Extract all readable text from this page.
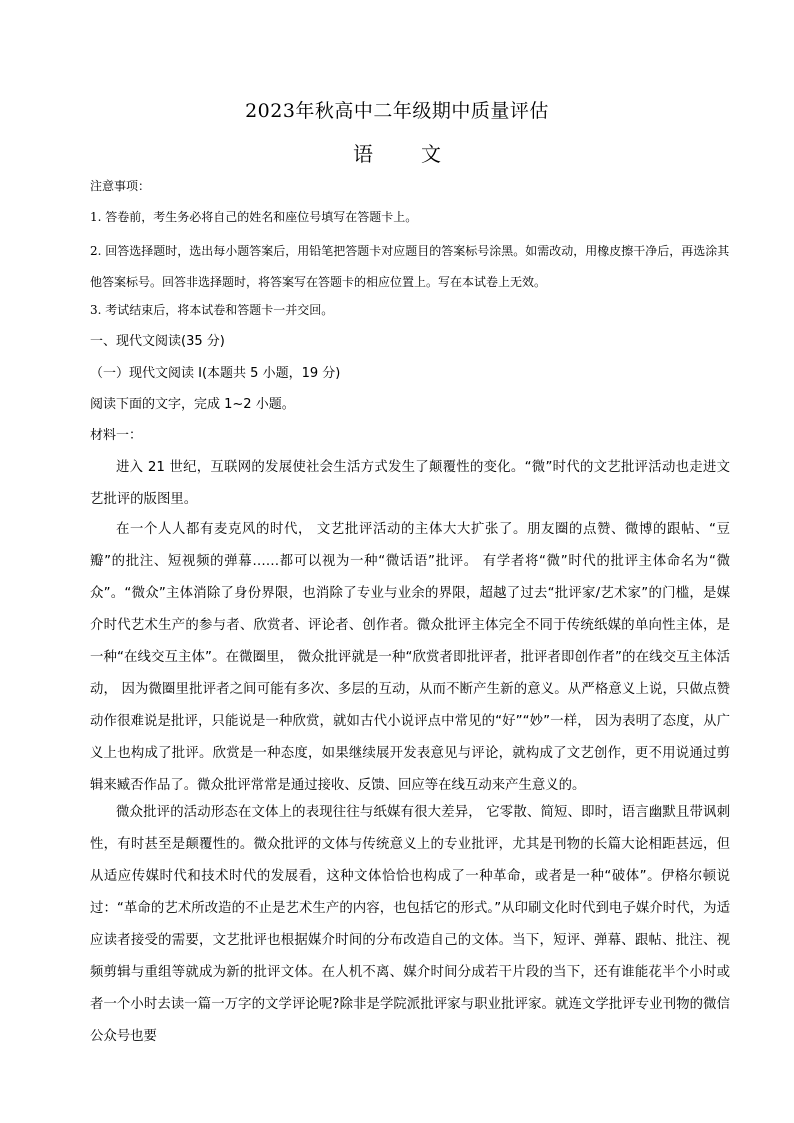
2023年秋高中二年级期中质量评估
语 文
注意事项：
1. 答卷前，考生务必将自己的姓名和座位号填写在答题卡上。
2. 回答选择题时，选出每小题答案后，用铅笔把答题卡对应题目的答案标号涂黑。如需改动，用橡皮擦干净后，再选涂其他答案标号。回答非选择题时，将答案写在答题卡的相应位置上。写在本试卷上无效。
3. 考试结束后，将本试卷和答题卡一并交回。
一、现代文阅读(35 分)
（一）现代文阅读 I(本题共 5 小题，19 分)
阅读下面的文字，完成 1~2 小题。
材料一：
进入 21 世纪，互联网的发展使社会生活方式发生了颠覆性的变化。“微”时代的文艺批评活动也走进文艺批评的版图里。
在一个人人都有麦克风的时代， 文艺批评活动的主体大大扩张了。朋友圈的点赞、微博的跟帖、“豆瓣”的批注、短视频的弹幕……都可以视为一种“微话语”批评。 有学者将“微”时代的批评主体命名为“微众”。“微众”主体消除了身份界限，也消除了专业与业余的界限，超越了过去“批评家/艺术家”的门槛，是媒介时代艺术生产的参与者、欣赏者、评论者、创作者。微众批评主体完全不同于传统纸媒的单向性主体，是一种“在线交互主体”。在微圈里， 微众批评就是一种“欣赏者即批评者，批评者即创作者”的在线交互主体活动， 因为微圈里批评者之间可能有多次、多层的互动，从而不断产生新的意义。从严格意义上说，只做点赞动作很难说是批评，只能说是一种欣赏，就如古代小说评点中常见的“好”“妙”一样， 因为表明了态度，从广义上也构成了批评。欣赏是一种态度，如果继续展开发表意见与评论，就构成了文艺创作，更不用说通过剪辑来臧否作品了。微众批评常常是通过接收、反馈、回应等在线互动来产生意义的。
微众批评的活动形态在文体上的表现往往与纸媒有很大差异， 它零散、简短、即时，语言幽默且带讽刺性，有时甚至是颠覆性的。微众批评的文体与传统意义上的专业批评，尤其是刊物的长篇大论相距甚远，但从适应传媒时代和技术时代的发展看，这种文体恰恰也构成了一种革命，或者是一种“破体”。伊格尔顿说过：“革命的艺术所改造的不止是艺术生产的内容，也包括它的形式。”从印刷文化时代到电子媒介时代，为适应读者接受的需要，文艺批评也根据媒介时间的分布改造自己的文体。当下，短评、弹幕、跟帖、批注、视频剪辑与重组等就成为新的批评文体。在人机不离、媒介时间分成若干片段的当下，还有谁能花半个小时或者一个小时去读一篇一万字的文学评论呢?除非是学院派批评家与职业批评家。就连文学批评专业刊物的微信公众号也要
